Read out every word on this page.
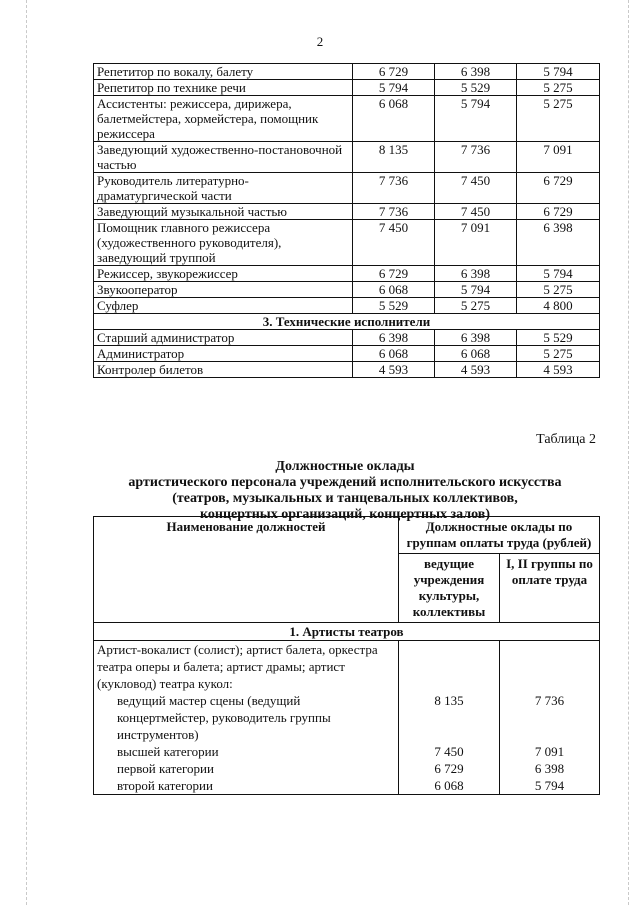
2
Репетитор по вокалу, балету	6 729	6 398	5 794
Репетитор по технике речи	5 794	5 529	5 275
Ассистенты: режиссера, дирижера, балетмейстера, хормейстера, помощник режиссера	6 068	5 794	5 275
Заведующий художественно-постановочной частью	8 135	7 736	7 091
Руководитель литературно-драматургической части	7 736	7 450	6 729
Заведующий музыкальной частью	7 736	7 450	6 729
Помощник главного режиссера (художественного руководителя), заведующий труппой	7 450	7 091	6 398
Режиссер, звукорежиссер	6 729	6 398	5 794
Звукооператор	6 068	5 794	5 275
Суфлер	5 529	5 275	4 800
3. Технические исполнители			
Старший администратор	6 398	6 398	5 529
Администратор	6 068	6 068	5 275
Контролер билетов	4 593	4 593	4 593
Таблица 2
Должностные оклады
артистического персонала учреждений исполнительского искусства
(театров, музыкальных и танцевальных коллективов,
концертных организаций, концертных залов)
Наименование должностей	Должностные оклады по группам оплаты труда (рублей)	
	ведущие учреждения культуры, коллективы	I, II группы по оплате труда
1. Артисты театров		
Артист-вокалист (солист); артист балета, оркестра театра оперы и балета; артист драмы; артист (кукловод) театра кукол:		
ведущий мастер сцены (ведущий концертмейстер, руководитель группы инструментов)	8 135	7 736
высшей категории	7 450	7 091
первой категории	6 729	6 398
второй категории	6 068	5 794
